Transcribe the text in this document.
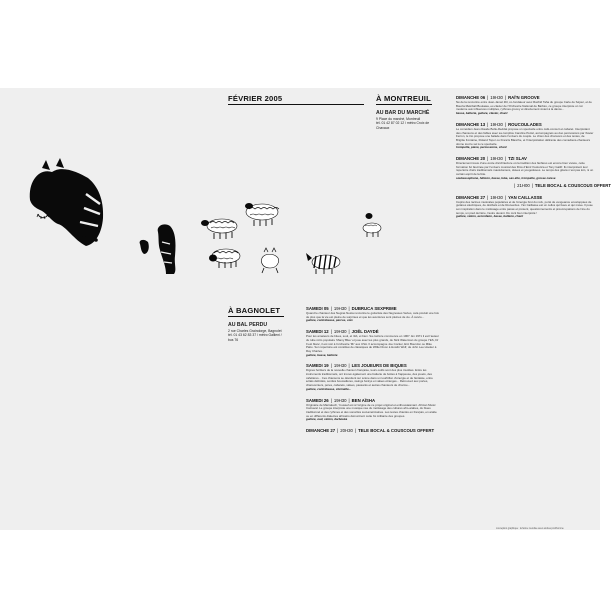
FÉVRIER 2005	À MONTREUIL
AU BAR DU MARCHÉ
9 Place du marché, Montreuil
tél. 01 42 87 02 12 / métro Croix de Chavaux
À BAGNOLET
AU BAL PERDU
2 rue Charles Graindorge, Bagnolet
tél. 01 43 62 83 37 / métro Gallieni / bus 76
DIMANCHE 06 | 19H30 | RAÏ'N GROOVE
Né de la rencontre entre Jean-Jamel Zitl, co-fondateur avec Rachid Taha du groupe Carte de Séjour, et de Bouzia Mekrbali Boutaiea, ex-clavier de l'Orchestre National de Barbès, ce groupe interprète un raï moderne aux influences multiples, rythmes groovy et directement vivant à la dance...
basse, batterie, guitare, clavier, chant
DIMANCHE 13 | 19H30 | ROUCOULADES
Le comédien Jean-Claude Bolle-Reddat propose un spectacle entre café-concert et cabaret. Interprétant des chansons et des fables avec sa complice Caroline Petrel, accompagnés au duo percussions par Xavier Ferron, le trio propose une balade dans l'univers du couple. Le chien des chansons et des textes, de Brigitte Fontaine, Roland Topor ou Francis Blanche, et l'interprétation délirante des comédiens-chanteurs donne tout le sel à ce spectacle.
trompette, piano, percussions, chant
DIMANCHE 20 | 19H30 | TZI SLAV
Directement issus d'une école d'architecture où la tradition des fanfares est encore bien vivace, cette formation fut fascinée par l'univers musical des films d'Emir Kusturica et Tony Gatlif. Ils interprètent leur répertoire d'airs traditionnels macédoniens, slaves et yougoslaves. Le temps des gitans n'est pas loin, ni un certain esprit de la fête.
soubassophone, hélicon, basse, tuba, sax alto, trompette, grosse caisse
| 21H00 | TELE BOCAL & COUSCOUS OFFERT
DIMANCHE 27 | 19H30 | YAN CAILLASSE
Inspiré des racines musicales populaires et de l'énergie brut du rock, porté de vengeance enveloppées de guitares électriques, de décibels et de Rouverdes. Yan Caillasse est un cellos qui bave et qui mave. Il pose son inspiration dans le métissage entre passé et présent, questionnements et préoccupations de l'ère du temps, un pied derrière, l'autre devant. Du rock bien interprété !
guitare, violon, accordéon, basse, batterie, chant
SAMEDI 05 | 19H30 | DUBRUCA SEXPRIME
Quand le chanteur des Negras Nesta rencontre le guitariste des Negresses Vertes, cela produit une fois de plus que la vie est pleine de surprises et que les aventures sont pleines de vie. À suivre...
guitare, contrebasse, percus, voix
SAMEDI 12 | 19H30 | JOËL DAYDÉ
Pour les amateurs de blues, soul, et r&b, et bien. Sa carrière commence en 1967. En 1971 il est l'auteur du tube rétro populaire 'Mamy Blue' et joue avec les plus grands, de Nick Waterman du groupe YES, Dr Il est blanc, il est noir à l'orchestre 'Mr' aux USA. Il accompagne Joe Cocker, Eric Bourdon ou Mike Patto. Son répertoire est constitué de classiques de Willie Dixon à Howlin Wolf, de John Lee Hooker à Ray Charles.
guitare, basse, batterie
SAMEDI 19 | 19H30 | LES JOUEURS DE BIQUES
Dignes héritiers de la nouvelle chanson française, leurs outils sont des plus insolites. Entre les instruments traditionnels, ont trouvé également une batterie de bottes à frappeuse, des jouets, des cafetières... Ces chansons se dévoilent sur scène dans un tourbillon d'énergie et de fantaisie, entre éclats débridés, sonités boucadières, swings funkys et valses étranges... Retrouvez aux portes, chansonniers, pères, cabarets, valses, passants et autres chanteurs de charme...
guitare, contrebasse, clarinette...
SAMEDI 26 | 19H30 | BEN AÏSHA
Originaire de Marrakech, Youssef est à l'origine de ce projet original et enthousiasmant. African Music Carnaval. Le groupe interprète une musique née du métissage des cultures afro-arabes, du blues traditionnel et des rythmes et des sonorités sud-américaines. Les textes chantés en français, en arabe ou en différents dialectes africains démontrent cette foi militante des groupes.
guitare, oud, violon, darbouka
DIMANCHE 27 | 20H30 | TELE BOCAL & COUSCOUS OFFERT
conception graphique : la farine mendiée avec andrea prodhomme
